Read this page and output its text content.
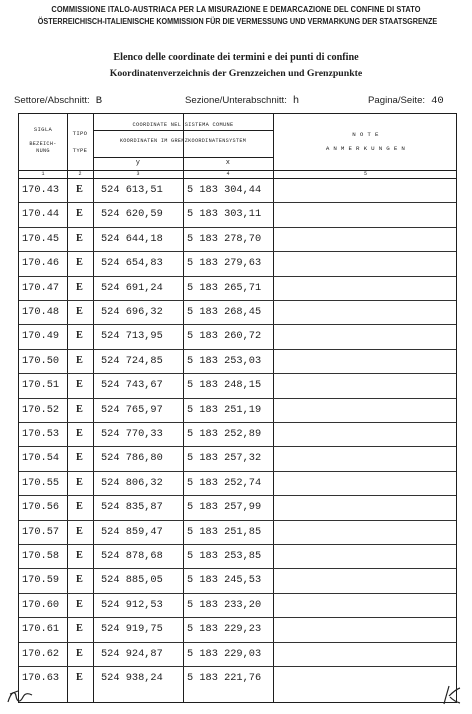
COMMISSIONE ITALO-AUSTRIACA PER LA MISURAZIONE E DEMARCAZIONE DEL CONFINE DI STATO
ÖSTERREICHISCH-ITALIENISCHE KOMMISSION FÜR DIE VERMESSUNG UND VERMARKUNG DER STAATSGRENZE
Elenco delle coordinate dei termini e dei punti di confine
Koordinatenverzeichnis der Grenzzeichen und Grenzpunkte
Settore/Abschnitt: B	Sezione/Unterabschnitt: h	Pagina/Seite: 40
SIGLA
BEZEICH-
NUNG
TIPO
TYPE
COORDINATE NEL SISTEMA COMUNE
KOORDINATEN IM GRENZKOORDINATENSYSTEM
y	x
N O T E
A N M E R K U N G E N
1	2	3	4	5
170.43	E	524 613,51 5 183 304,44
170.44	E	524 620,59 5 183 303,11
170.45	E	524 644,18 5 183 278,70
170.46	E	524 654,83 5 183 279,63
170.47	E	524 691,24 5 183 265,71
170.48	E	524 696,32 5 183 268,45
170.49	E	524 713,95 5 183 260,72
170.50	E	524 724,85 5 183 253,03
170.51	E	524 743,67 5 183 248,15
170.52	E	524 765,97 5 183 251,19
170.53	E	524 770,33 5 183 252,89
170.54	E	524 786,80 5 183 257,32
170.55	E	524 806,32 5 183 252,74
170.56	E	524 835,87 5 183 257,99
170.57	E	524 859,47 5 183 251,85
170.58	E	524 878,68 5 183 253,85
170.59	E	524 885,05 5 183 245,53
170.60	E	524 912,53 5 183 233,20
170.61	E	524 919,75 5 183 229,23
170.62	E	524 924,87 5 183 229,03
170.63	E	524 938,24 5 183 221,76
